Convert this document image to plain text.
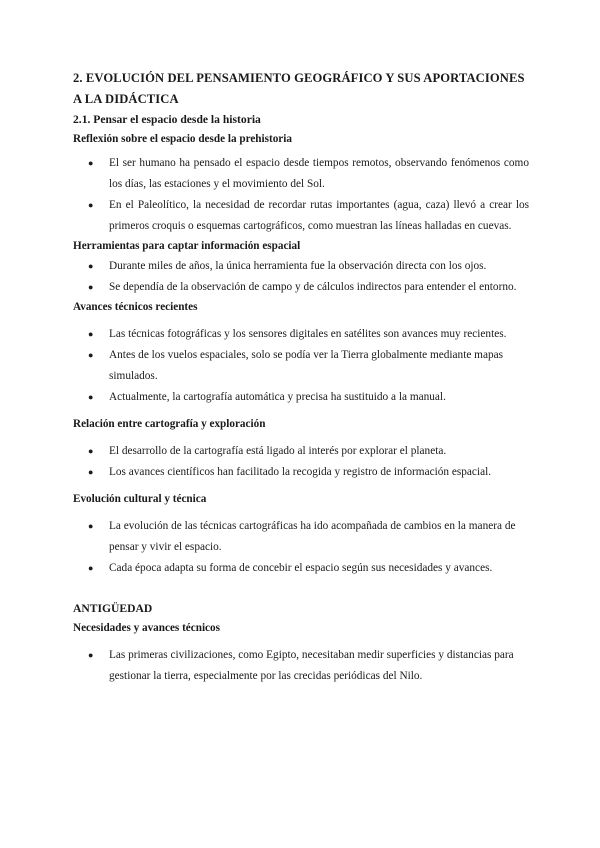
2. EVOLUCIÓN DEL PENSAMIENTO GEOGRÁFICO Y SUS APORTACIONES A LA DIDÁCTICA
2.1. Pensar el espacio desde la historia
Reflexión sobre el espacio desde la prehistoria
● El ser humano ha pensado el espacio desde tiempos remotos, observando fenómenos como los días, las estaciones y el movimiento del Sol.
● En el Paleolítico, la necesidad de recordar rutas importantes (agua, caza) llevó a crear los primeros croquis o esquemas cartográficos, como muestran las líneas halladas en cuevas.
Herramientas para captar información espacial
● Durante miles de años, la única herramienta fue la observación directa con los ojos.
● Se dependía de la observación de campo y de cálculos indirectos para entender el entorno.
Avances técnicos recientes
● Las técnicas fotográficas y los sensores digitales en satélites son avances muy recientes.
● Antes de los vuelos espaciales, solo se podía ver la Tierra globalmente mediante mapas simulados.
● Actualmente, la cartografía automática y precisa ha sustituido a la manual.
Relación entre cartografía y exploración
● El desarrollo de la cartografía está ligado al interés por explorar el planeta.
● Los avances científicos han facilitado la recogida y registro de información espacial.
Evolución cultural y técnica
● La evolución de las técnicas cartográficas ha ido acompañada de cambios en la manera de pensar y vivir el espacio.
● Cada época adapta su forma de concebir el espacio según sus necesidades y avances.
ANTIGÜEDAD
Necesidades y avances técnicos
● Las primeras civilizaciones, como Egipto, necesitaban medir superficies y distancias para gestionar la tierra, especialmente por las crecidas periódicas del Nilo.
